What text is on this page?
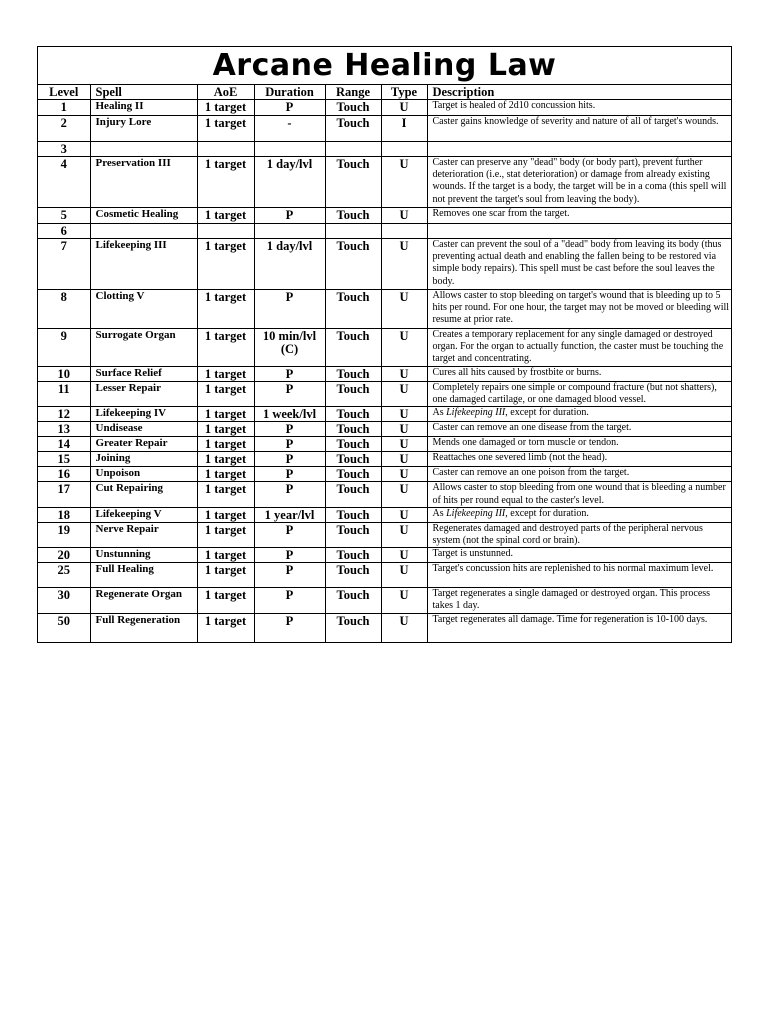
Arcane Healing Law
Level	Spell	AoE	Duration	Range	Type	Description
1	Healing II	1 target	P	Touch	U	Target is healed of 2d10 concussion hits.
2	Injury Lore	1 target	-	Touch	I	Caster gains knowledge of severity and nature of all of target's wounds.
3						
4	Preservation III	1 target	1 day/lvl	Touch	U	Caster can preserve any "dead" body (or body part), prevent further deterioration (i.e., stat deterioration) or damage from already existing wounds. If the target is a body, the target will be in a coma (this spell will not prevent the target's soul from leaving the body).
5	Cosmetic Healing	1 target	P	Touch	U	Removes one scar from the target.
6						
7	Lifekeeping III	1 target	1 day/lvl	Touch	U	Caster can prevent the soul of a "dead" body from leaving its body (thus preventing actual death and enabling the fallen being to be restored via simple body repairs). This spell must be cast before the soul leaves the body.
8	Clotting V	1 target	P	Touch	U	Allows caster to stop bleeding on target's wound that is bleeding up to 5 hits per round. For one hour, the target may not be moved or bleeding will resume at prior rate.
9	Surrogate Organ	1 target	10 min/lvl (C)	Touch	U	Creates a temporary replacement for any single damaged or destroyed organ. For the organ to actually function, the caster must be touching the target and concentrating.
10	Surface Relief	1 target	P	Touch	U	Cures all hits caused by frostbite or burns.
11	Lesser Repair	1 target	P	Touch	U	Completely repairs one simple or compound fracture (but not shatters), one damaged cartilage, or one damaged blood vessel.
12	Lifekeeping IV	1 target	1 week/lvl	Touch	U	As Lifekeeping III, except for duration.
13	Undisease	1 target	P	Touch	U	Caster can remove an one disease from the target.
14	Greater Repair	1 target	P	Touch	U	Mends one damaged or torn muscle or tendon.
15	Joining	1 target	P	Touch	U	Reattaches one severed limb (not the head).
16	Unpoison	1 target	P	Touch	U	Caster can remove an one poison from the target.
17	Cut Repairing	1 target	P	Touch	U	Allows caster to stop bleeding from one wound that is bleeding a number of hits per round equal to the caster's level.
18	Lifekeeping V	1 target	1 year/lvl	Touch	U	As Lifekeeping III, except for duration.
19	Nerve Repair	1 target	P	Touch	U	Regenerates damaged and destroyed parts of the peripheral nervous system (not the spinal cord or brain).
20	Unstunning	1 target	P	Touch	U	Target is unstunned.
25	Full Healing	1 target	P	Touch	U	Target's concussion hits are replenished to his normal maximum level.
30	Regenerate Organ	1 target	P	Touch	U	Target regenerates a single damaged or destroyed organ. This process takes 1 day.
50	Full Regeneration	1 target	P	Touch	U	Target regenerates all damage. Time for regeneration is 10-100 days.
